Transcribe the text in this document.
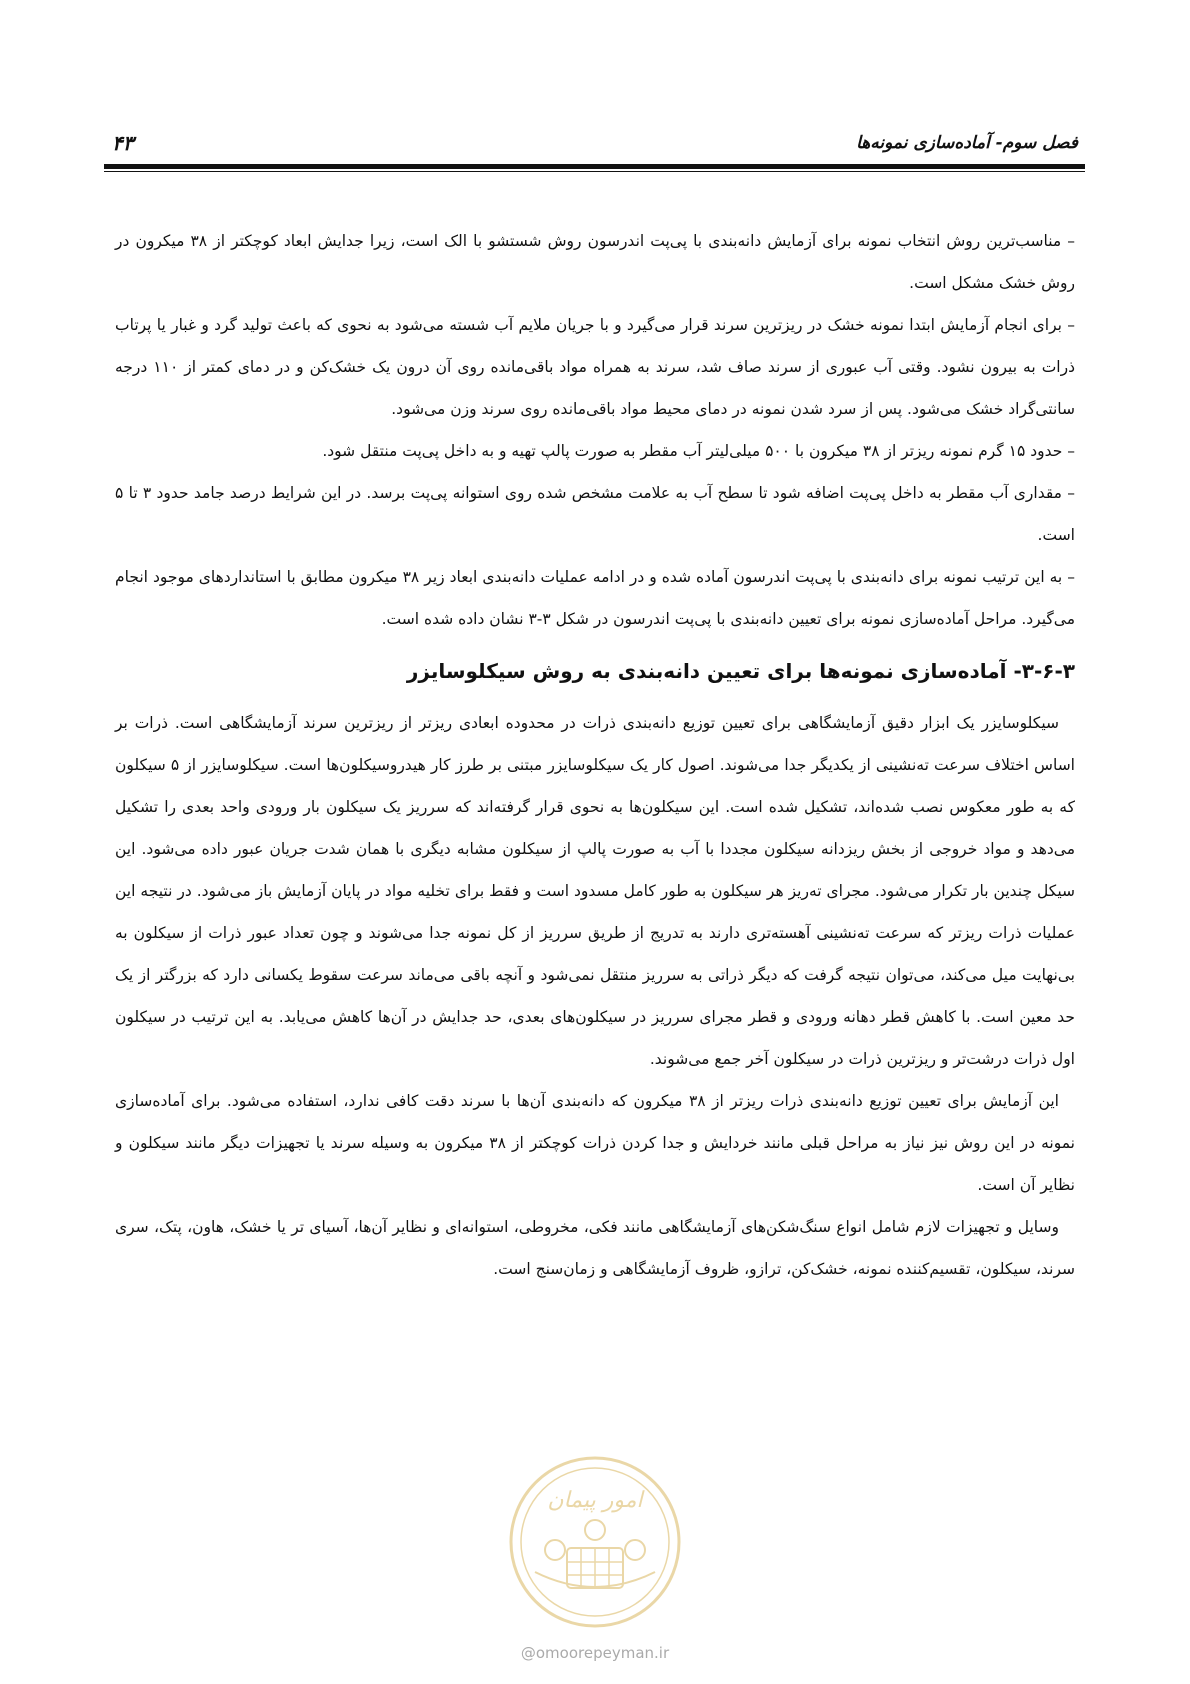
فصل سوم- آماده‌سازی نمونه‌ها
۴۳

– مناسب‌ترین روش انتخاب نمونه برای آزمایش دانه‌بندی با پی‌پت اندرسون روش شستشو با الک است، زیرا جدایش ابعاد کوچکتر از ۳۸ میکرون در روش خشک مشکل است.

– برای انجام آزمایش ابتدا نمونه خشک در ریزترین سرند قرار می‌گیرد و با جریان ملایم آب شسته می‌شود به نحوی که باعث تولید گرد و غبار یا پرتاب ذرات به بیرون نشود. وقتی آب عبوری از سرند صاف شد، سرند به همراه مواد باقی‌مانده روی آن درون یک خشک‌کن و در دمای کمتر از ۱۱۰ درجه سانتی‌گراد خشک می‌شود. پس از سرد شدن نمونه در دمای محیط مواد باقی‌مانده روی سرند وزن می‌شود.

– حدود ۱۵ گرم نمونه ریزتر از ۳۸ میکرون با ۵۰۰ میلی‌لیتر آب مقطر به صورت پالپ تهیه و به داخل پی‌پت منتقل شود.

– مقداری آب مقطر به داخل پی‌پت اضافه شود تا سطح آب به علامت مشخص شده روی استوانه پی‌پت برسد. در این شرایط درصد جامد حدود ۳ تا ۵ است.

– به این ترتیب نمونه برای دانه‌بندی با پی‌پت اندرسون آماده شده و در ادامه عملیات دانه‌بندی ابعاد زیر ۳۸ میکرون مطابق با استانداردهای موجود انجام می‌گیرد. مراحل آماده‌سازی نمونه برای تعیین دانه‌بندی با پی‌پت اندرسون در شکل ۳-۳ نشان داده شده است.

۳-۶-۳- آماده‌سازی نمونه‌ها برای تعیین دانه‌بندی به روش سیکلوسایزر

سیکلوسایزر یک ابزار دقیق آزمایشگاهی برای تعیین توزیع دانه‌بندی ذرات در محدوده ابعادی ریزتر از ریزترین سرند آزمایشگاهی است. ذرات بر اساس اختلاف سرعت ته‌نشینی از یکدیگر جدا می‌شوند. اصول کار یک سیکلوسایزر مبتنی بر طرز کار هیدروسیکلون‌ها است. سیکلوسایزر از ۵ سیکلون که به طور معکوس نصب شده‌اند، تشکیل شده است. این سیکلون‌ها به نحوی قرار گرفته‌اند که سرریز یک سیکلون بار ورودی واحد بعدی را تشکیل می‌دهد و مواد خروجی از بخش ریزدانه سیکلون مجددا با آب به صورت پالپ از سیکلون مشابه دیگری با همان شدت جریان عبور داده می‌شود. این سیکل چندین بار تکرار می‌شود. مجرای ته‌ریز هر سیکلون به طور کامل مسدود است و فقط برای تخلیه مواد در پایان آزمایش باز می‌شود. در نتیجه این عملیات ذرات ریزتر که سرعت ته‌نشینی آهسته‌تری دارند به تدریج از طریق سرریز از کل نمونه جدا می‌شوند و چون تعداد عبور ذرات از سیکلون به بی‌نهایت میل می‌کند، می‌توان نتیجه گرفت که دیگر ذراتی به سرریز منتقل نمی‌شود و آنچه باقی می‌ماند سرعت سقوط یکسانی دارد که بزرگتر از یک حد معین است. با کاهش قطر دهانه ورودی و قطر مجرای سرریز در سیکلون‌های بعدی، حد جدایش در آن‌ها کاهش می‌یابد. به این ترتیب در سیکلون اول ذرات درشت‌تر و ریزترین ذرات در سیکلون آخر جمع می‌شوند.

این آزمایش برای تعیین توزیع دانه‌بندی ذرات ریزتر از ۳۸ میکرون که دانه‌بندی آن‌ها با سرند دقت کافی ندارد، استفاده می‌شود. برای آماده‌سازی نمونه در این روش نیز نیاز به مراحل قبلی مانند خردایش و جدا کردن ذرات کوچکتر از ۳۸ میکرون به وسیله سرند یا تجهیزات دیگر مانند سیکلون و نظایر آن است.

وسایل و تجهیزات لازم شامل انواع سنگ‌شکن‌های آزمایشگاهی مانند فکی، مخروطی، استوانه‌ای و نظایر آن‌ها، آسیای تر یا خشک، هاون، پتک، سری سرند، سیکلون، تقسیم‌کننده نمونه، خشک‌کن، ترازو، ظروف آزمایشگاهی و زمان‌سنج است.

امور پیمان
@omoorepeyman.ir
